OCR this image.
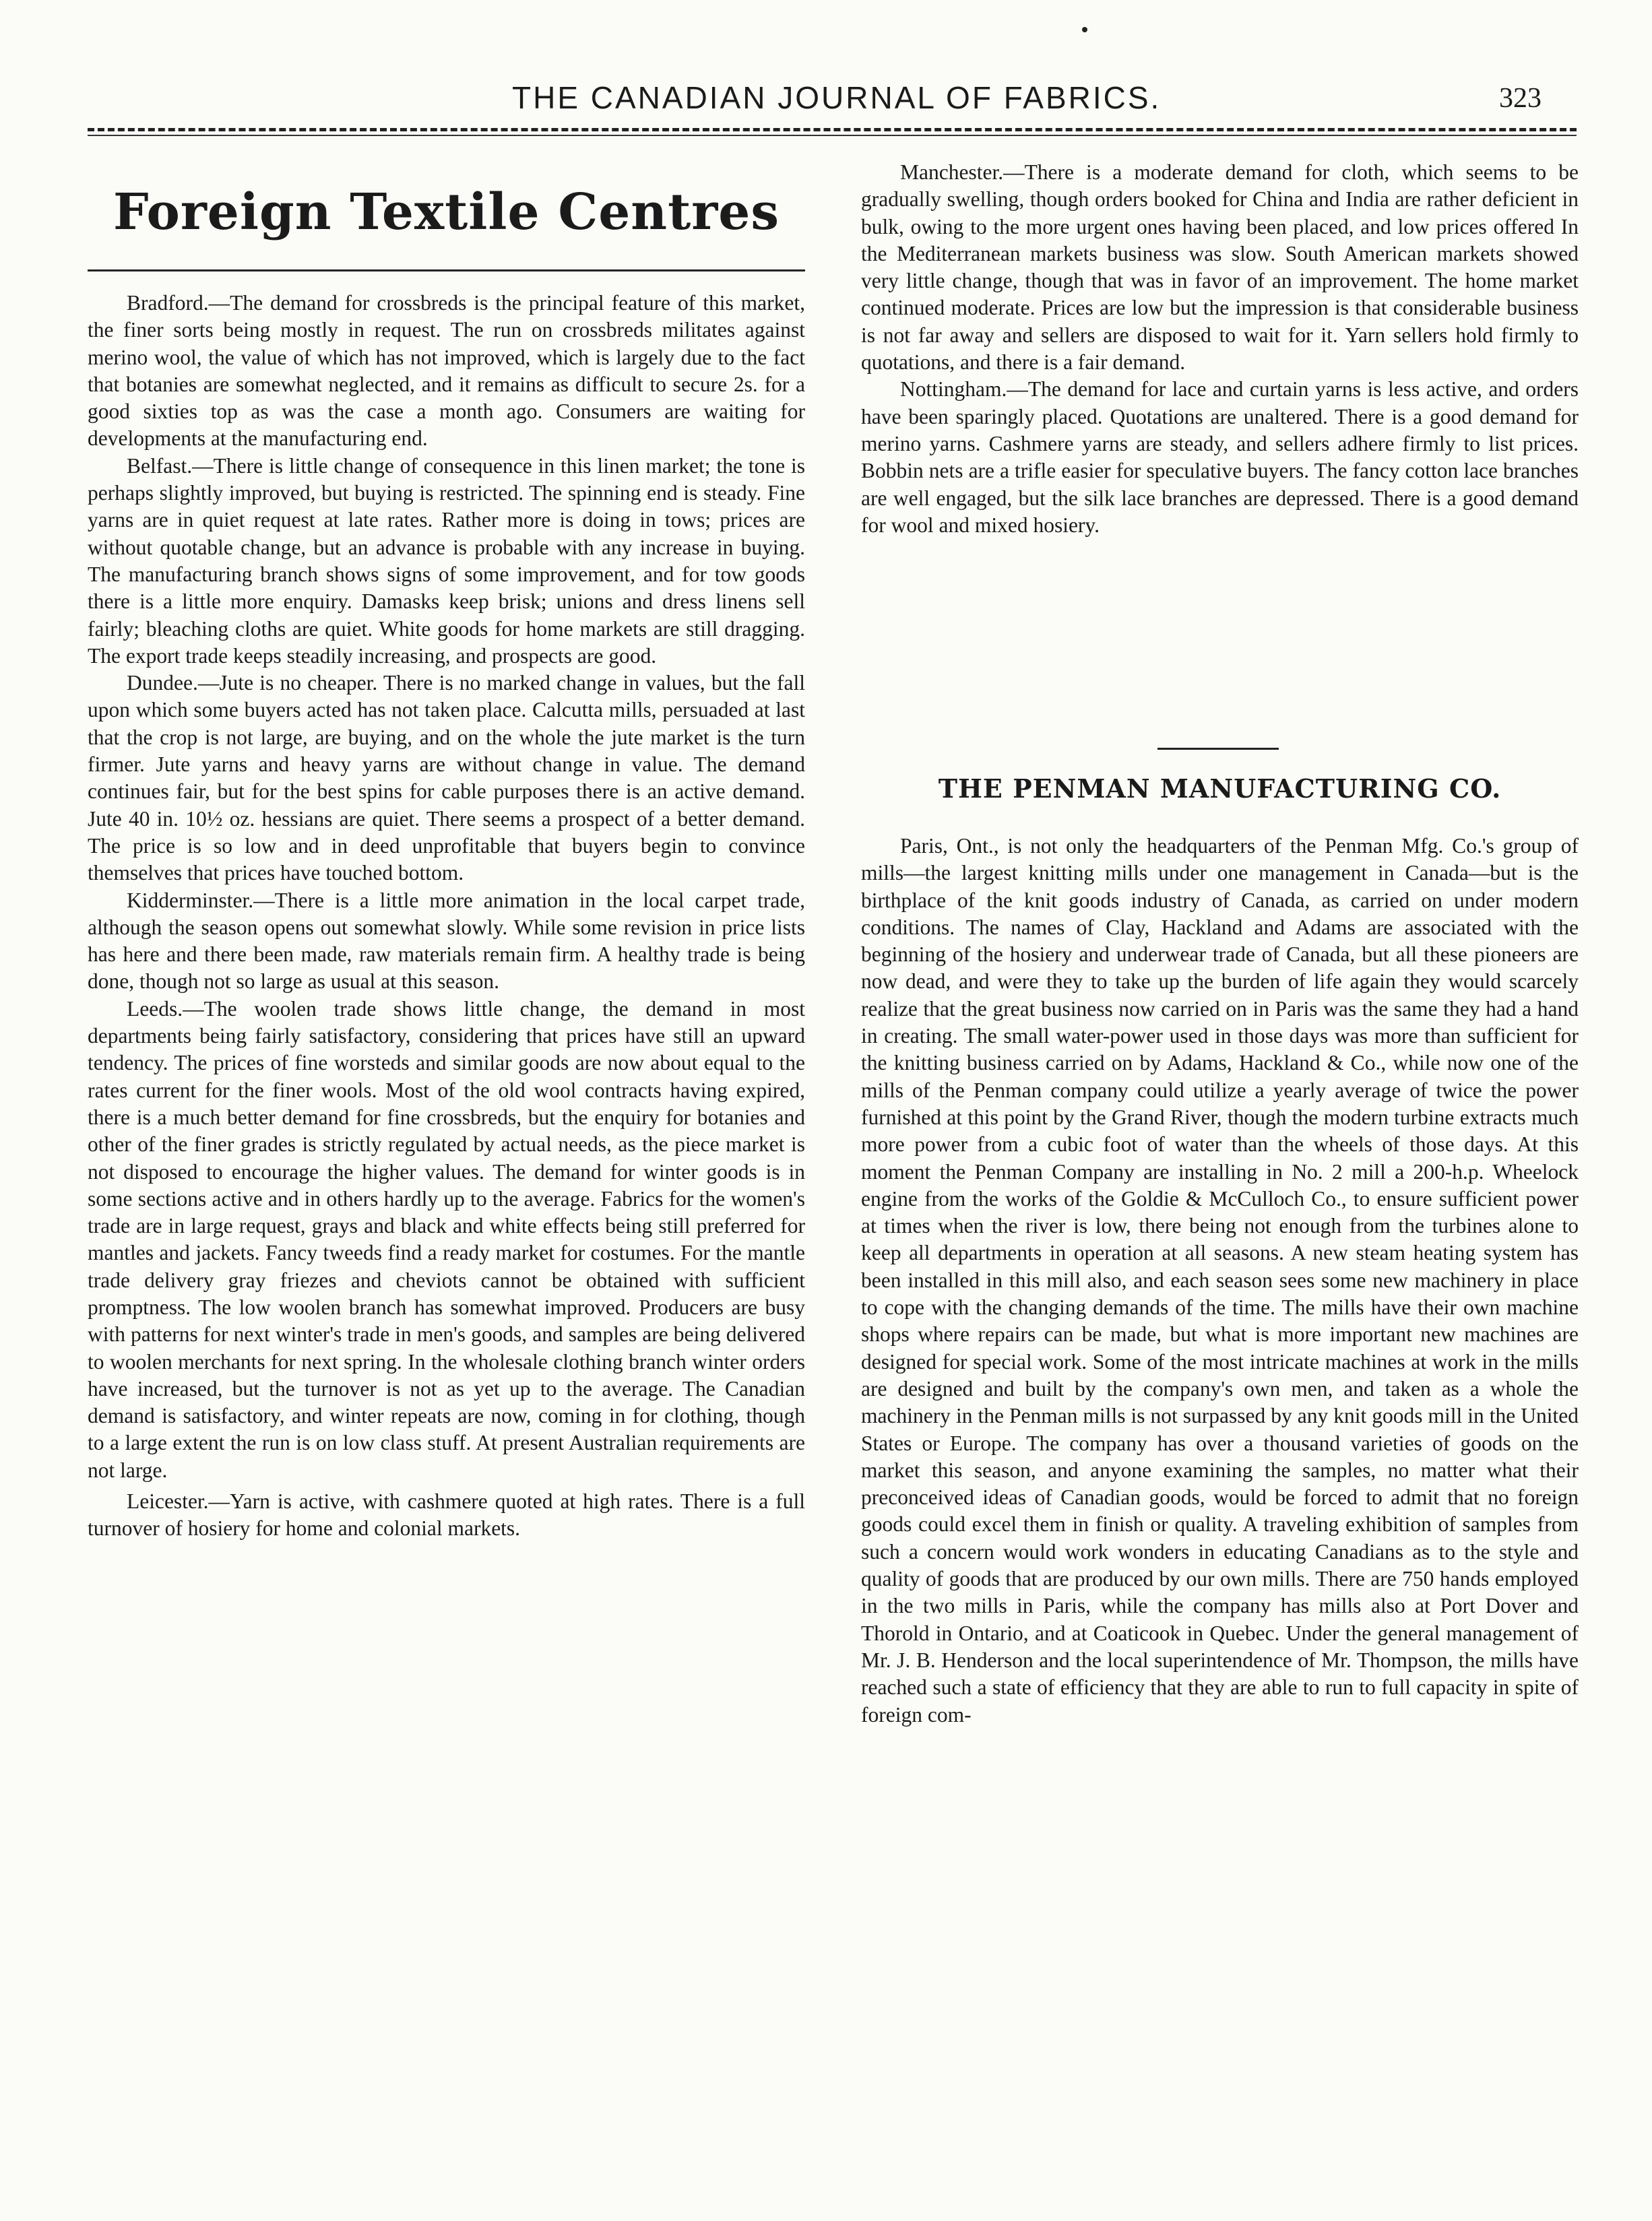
THE CANADIAN JOURNAL OF FABRICS.	323
Foreign Textile Centres

Bradford.—The demand for crossbreds is the principal feature of this market, the finer sorts being mostly in request. The run on crossbreds militates against merino wool, the value of which has not improved, which is largely due to the fact that botanies are somewhat neglected, and it remains as difficult to secure 2s. for a good sixties top as was the case a month ago. Consumers are waiting for developments at the manufacturing end.

Belfast.—There is little change of consequence in this linen market; the tone is perhaps slightly improved, but buying is restricted. The spinning end is steady. Fine yarns are in quiet request at late rates. Rather more is doing in tows; prices are without quotable change, but an advance is probable with any increase in buying. The manufacturing branch shows signs of some improvement, and for tow goods there is a little more enquiry. Damasks keep brisk; unions and dress linens sell fairly; bleaching cloths are quiet. White goods for home markets are still dragging. The export trade keeps steadily increasing, and prospects are good.

Dundee.—Jute is no cheaper. There is no marked change in values, but the fall upon which some buyers acted has not taken place. Calcutta mills, persuaded at last that the crop is not large, are buying, and on the whole the jute market is the turn firmer. Jute yarns and heavy yarns are without change in value. The demand continues fair, but for the best spins for cable purposes there is an active demand. Jute 40 in. 10½ oz. hessians are quiet. There seems a prospect of a better demand. The price is so low and in deed unprofitable that buyers begin to convince themselves that prices have touched bottom.

Kidderminster.—There is a little more animation in the local carpet trade, although the season opens out somewhat slowly. While some revision in price lists has here and there been made, raw materials remain firm. A healthy trade is being done, though not so large as usual at this season.

Leeds.—The woolen trade shows little change, the demand in most departments being fairly satisfactory, considering that prices have still an upward tendency. The prices of fine worsteds and similar goods are now about equal to the rates current for the finer wools. Most of the old wool contracts having expired, there is a much better demand for fine crossbreds, but the enquiry for botanies and other of the finer grades is strictly regulated by actual needs, as the piece market is not disposed to encourage the higher values. The demand for winter goods is in some sections active and in others hardly up to the average. Fabrics for the women's trade are in large request, grays and black and white effects being still preferred for mantles and jackets. Fancy tweeds find a ready market for costumes. For the mantle trade delivery gray friezes and cheviots cannot be obtained with sufficient promptness. The low woolen branch has somewhat improved. Producers are busy with patterns for next winter's trade in men's goods, and samples are being delivered to woolen merchants for next spring. In the wholesale clothing branch winter orders have increased, but the turnover is not as yet up to the average. The Canadian demand is satisfactory, and winter repeats are now, coming in for clothing, though to a large extent the run is on low class stuff. At present Australian requirements are not large.

Leicester.—Yarn is active, with cashmere quoted at high rates. There is a full turnover of hosiery for home and colonial markets.

Manchester.—There is a moderate demand for cloth, which seems to be gradually swelling, though orders booked for China and India are rather deficient in bulk, owing to the more urgent ones having been placed, and low prices offered In the Mediterranean markets business was slow. South American markets showed very little change, though that was in favor of an improvement. The home market continued moderate. Prices are low but the impression is that considerable business is not far away and sellers are disposed to wait for it. Yarn sellers hold firmly to quotations, and there is a fair demand.

Nottingham.—The demand for lace and curtain yarns is less active, and orders have been sparingly placed. Quotations are unaltered. There is a good demand for merino yarns. Cashmere yarns are steady, and sellers adhere firmly to list prices. Bobbin nets are a trifle easier for speculative buyers. The fancy cotton lace branches are well engaged, but the silk lace branches are depressed. There is a good demand for wool and mixed hosiery.

THE PENMAN MANUFACTURING CO.

Paris, Ont., is not only the headquarters of the Penman Mfg. Co.'s group of mills—the largest knitting mills under one management in Canada—but is the birthplace of the knit goods industry of Canada, as carried on under modern conditions. The names of Clay, Hackland and Adams are associated with the beginning of the hosiery and underwear trade of Canada, but all these pioneers are now dead, and were they to take up the burden of life again they would scarcely realize that the great business now carried on in Paris was the same they had a hand in creating. The small water-power used in those days was more than sufficient for the knitting business carried on by Adams, Hackland & Co., while now one of the mills of the Penman company could utilize a yearly average of twice the power furnished at this point by the Grand River, though the modern turbine extracts much more power from a cubic foot of water than the wheels of those days. At this moment the Penman Company are installing in No. 2 mill a 200-h.p. Wheelock engine from the works of the Goldie & McCulloch Co., to ensure sufficient power at times when the river is low, there being not enough from the turbines alone to keep all departments in operation at all seasons. A new steam heating system has been installed in this mill also, and each season sees some new machinery in place to cope with the changing demands of the time. The mills have their own machine shops where repairs can be made, but what is more important new machines are designed for special work. Some of the most intricate machines at work in the mills are designed and built by the company's own men, and taken as a whole the machinery in the Penman mills is not surpassed by any knit goods mill in the United States or Europe. The company has over a thousand varieties of goods on the market this season, and anyone examining the samples, no matter what their preconceived ideas of Canadian goods, would be forced to admit that no foreign goods could excel them in finish or quality. A traveling exhibition of samples from such a concern would work wonders in educating Canadians as to the style and quality of goods that are produced by our own mills. There are 750 hands employed in the two mills in Paris, while the company has mills also at Port Dover and Thorold in Ontario, and at Coaticook in Quebec. Under the general management of Mr. J. B. Henderson and the local superintendence of Mr. Thompson, the mills have reached such a state of efficiency that they are able to run to full capacity in spite of foreign com-
